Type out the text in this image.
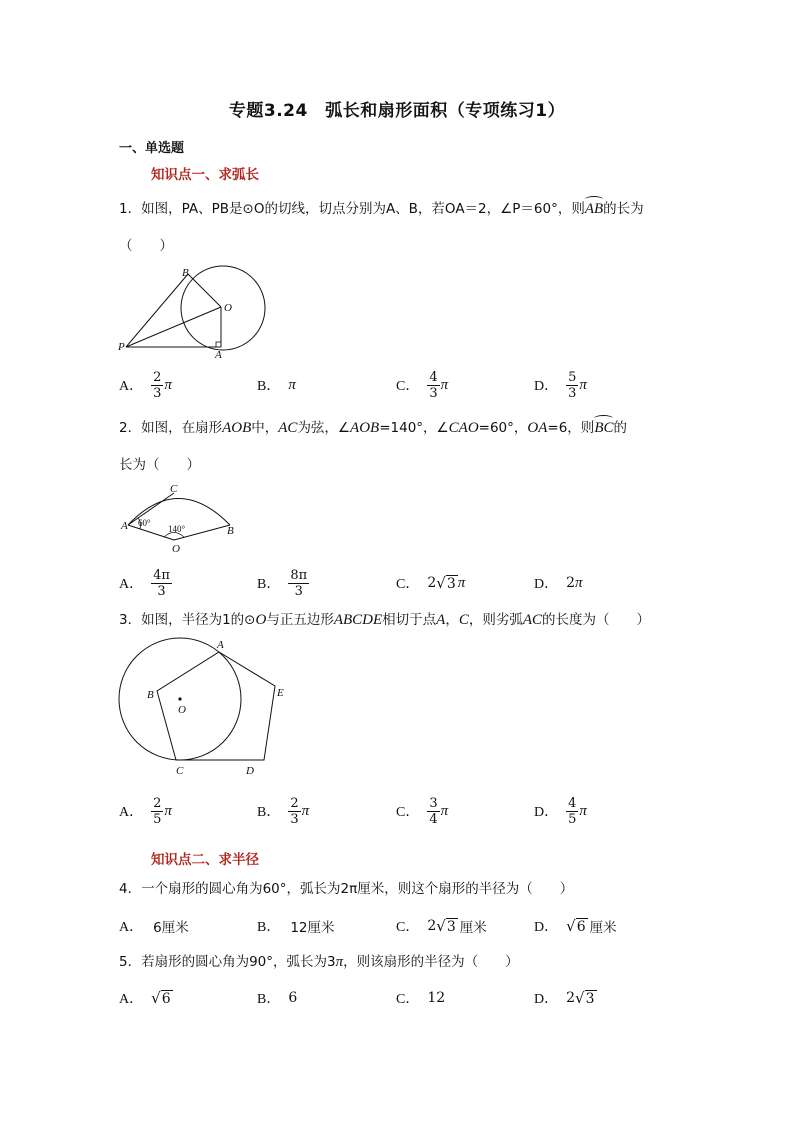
专题3.24　弧长和扇形面积（专项练习1）
一、单选题
知识点一、求弧长
1．如图，PA、PB是⊙O的切线，切点分别为A、B，若OA＝2，∠P＝60°，则AB的长为
（　　）
B
O
P
A
A． $\frac{2}{3}$ π	B． π	C． $\frac{4}{3}$ π	D． $\frac{5}{3}$ π
2．如图，在扇形AOB中，AC为弦，∠AOB=140°，∠CAO=60°，OA=6，则BC的
长为（　　）
C
A
O
B
60°
140°
A． $\frac{4\pi}{3}$	B． $\frac{8\pi}{3}$	C． 2 √ 3 π	D． 2 π
3．如图，半径为1的⊙O与正五边形ABCDE相切于点A，C，则劣弧AC的长度为（　　）
A
B
O
E
C	D
A． $\frac{2}{5}$ π	B． $\frac{2}{3}$ π	C． $\frac{3}{4}$ π	D． $\frac{4}{5}$ π
知识点二、求半径
4．一个扇形的圆心角为60°，弧长为2π厘米，则这个扇形的半径为（　　）
A． 6厘米	B． 12厘米	C． 2 √ 3 厘米	D． √ 6 厘米
5．若扇形的圆心角为90°，弧长为3π，则该扇形的半径为（　　）
A． √ 6	B． 6	C． 12	D． 2 √ 3
